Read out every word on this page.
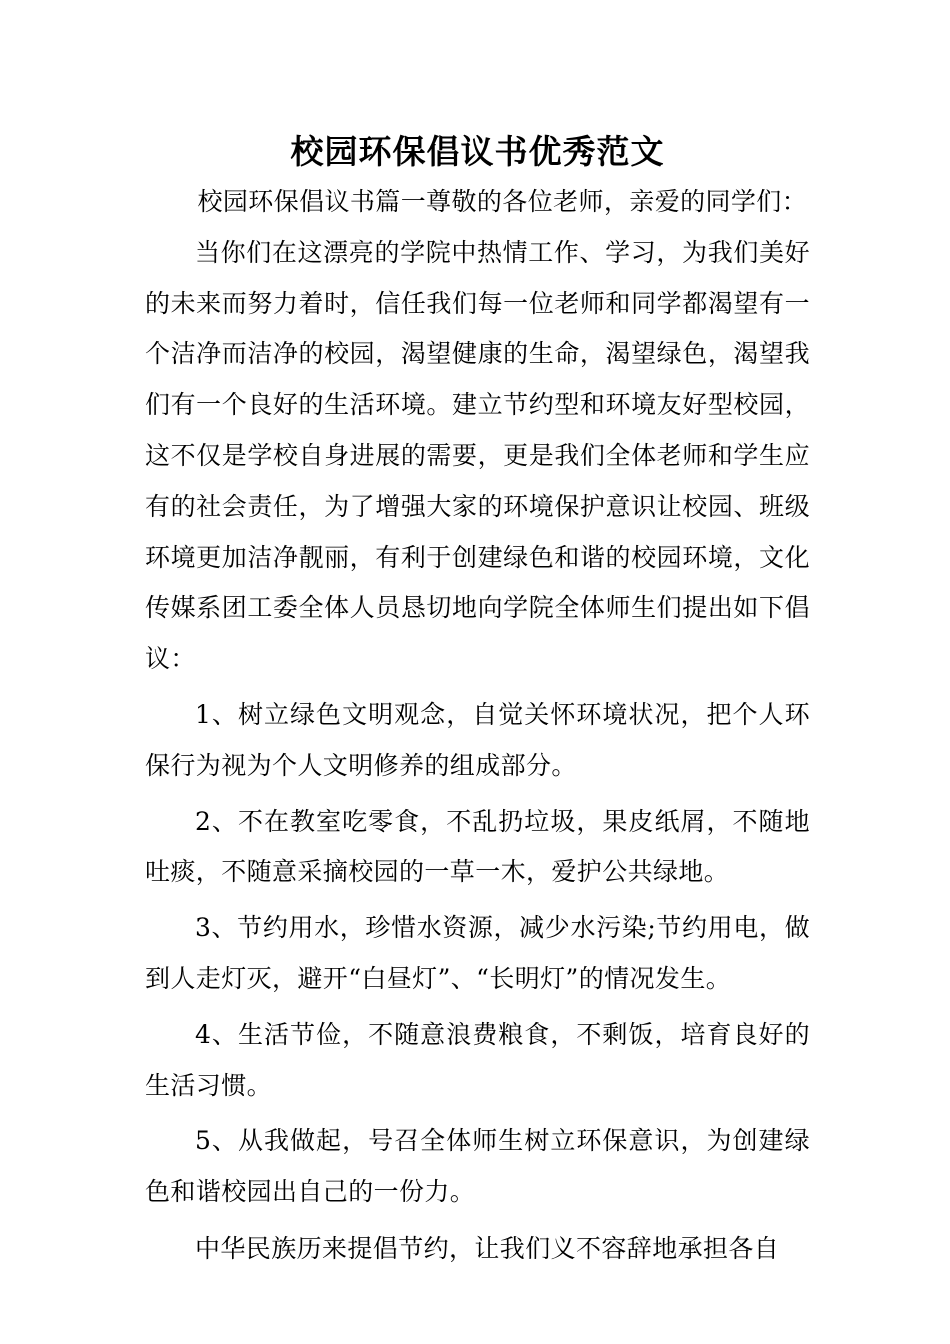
校园环保倡议书优秀范文

校园环保倡议书篇一尊敬的各位老师，亲爱的同学们：

当你们在这漂亮的学院中热情工作、学习，为我们美好的未来而努力着时，信任我们每一位老师和同学都渴望有一个洁净而洁净的校园，渴望健康的生命，渴望绿色，渴望我们有一个良好的生活环境。建立节约型和环境友好型校园，这不仅是学校自身进展的需要，更是我们全体老师和学生应有的社会责任，为了增强大家的环境保护意识让校园、班级环境更加洁净靓丽，有利于创建绿色和谐的校园环境，文化传媒系团工委全体人员恳切地向学院全体师生们提出如下倡议：

1、树立绿色文明观念，自觉关怀环境状况，把个人环保行为视为个人文明修养的组成部分。

2、不在教室吃零食，不乱扔垃圾，果皮纸屑，不随地吐痰，不随意采摘校园的一草一木，爱护公共绿地。

3、节约用水，珍惜水资源，减少水污染;节约用电，做到人走灯灭，避开“白昼灯”、“长明灯”的情况发生。

4、生活节俭，不随意浪费粮食，不剩饭，培育良好的生活习惯。

5、从我做起，号召全体师生树立环保意识，为创建绿色和谐校园出自己的一份力。

中华民族历来提倡节约，让我们义不容辞地承担各自
